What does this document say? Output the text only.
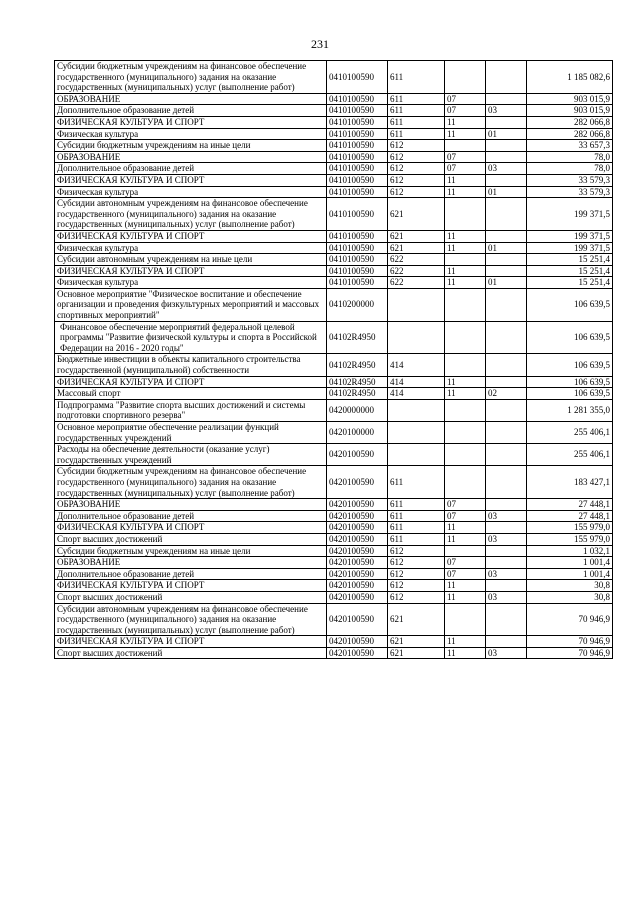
231
Субсидии бюджетным учреждениям на финансовое обеспечение государственного (муниципального) задания на оказание государственных (муниципальных) услуг (выполнение работ)	0410100590	611			1 185 082,6
ОБРАЗОВАНИЕ	0410100590	611	07		903 015,9
Дополнительное образование детей	0410100590	611	07	03	903 015,9
ФИЗИЧЕСКАЯ КУЛЬТУРА И СПОРТ	0410100590	611	11		282 066,8
Физическая культура	0410100590	611	11	01	282 066,8
Субсидии бюджетным учреждениям на иные цели	0410100590	612			33 657,3
ОБРАЗОВАНИЕ	0410100590	612	07		78,0
Дополнительное образование детей	0410100590	612	07	03	78,0
ФИЗИЧЕСКАЯ КУЛЬТУРА И СПОРТ	0410100590	612	11		33 579,3
Физическая культура	0410100590	612	11	01	33 579,3
Субсидии автономным учреждениям на финансовое обеспечение государственного (муниципального) задания на оказание государственных (муниципальных) услуг (выполнение работ)	0410100590	621			199 371,5
ФИЗИЧЕСКАЯ КУЛЬТУРА И СПОРТ	0410100590	621	11		199 371,5
Физическая культура	0410100590	621	11	01	199 371,5
Субсидии автономным учреждениям на иные цели	0410100590	622			15 251,4
ФИЗИЧЕСКАЯ КУЛЬТУРА И СПОРТ	0410100590	622	11		15 251,4
Физическая культура	0410100590	622	11	01	15 251,4
Основное мероприятие "Физическое воспитание и обеспечение организации и проведения физкультурных мероприятий и массовых спортивных мероприятий"	0410200000				106 639,5
Финансовое обеспечение мероприятий федеральной целевой программы "Развитие физической культуры и спорта в Российской Федерации на 2016 - 2020 годы"	04102R4950				106 639,5
Бюджетные инвестиции в объекты капитального строительства государственной (муниципальной) собственности	04102R4950	414			106 639,5
ФИЗИЧЕСКАЯ КУЛЬТУРА И СПОРТ	04102R4950	414	11		106 639,5
Массовый спорт	04102R4950	414	11	02	106 639,5
Подпрограмма "Развитие спорта высших достижений и системы подготовки спортивного резерва"	0420000000				1 281 355,0
Основное мероприятие обеспечение реализации функций государственных учреждений	0420100000				255 406,1
Расходы на обеспечение деятельности (оказание услуг) государственных учреждений	0420100590				255 406,1
Субсидии бюджетным учреждениям на финансовое обеспечение государственного (муниципального) задания на оказание государственных (муниципальных) услуг (выполнение работ)	0420100590	611			183 427,1
ОБРАЗОВАНИЕ	0420100590	611	07		27 448,1
Дополнительное образование детей	0420100590	611	07	03	27 448,1
ФИЗИЧЕСКАЯ КУЛЬТУРА И СПОРТ	0420100590	611	11		155 979,0
Спорт высших достижений	0420100590	611	11	03	155 979,0
Субсидии бюджетным учреждениям на иные цели	0420100590	612			1 032,1
ОБРАЗОВАНИЕ	0420100590	612	07		1 001,4
Дополнительное образование детей	0420100590	612	07	03	1 001,4
ФИЗИЧЕСКАЯ КУЛЬТУРА И СПОРТ	0420100590	612	11		30,8
Спорт высших достижений	0420100590	612	11	03	30,8
Субсидии автономным учреждениям на финансовое обеспечение государственного (муниципального) задания на оказание государственных (муниципальных) услуг (выполнение работ)	0420100590	621			70 946,9
ФИЗИЧЕСКАЯ КУЛЬТУРА И СПОРТ	0420100590	621	11		70 946,9
Спорт высших достижений	0420100590	621	11	03	70 946,9
